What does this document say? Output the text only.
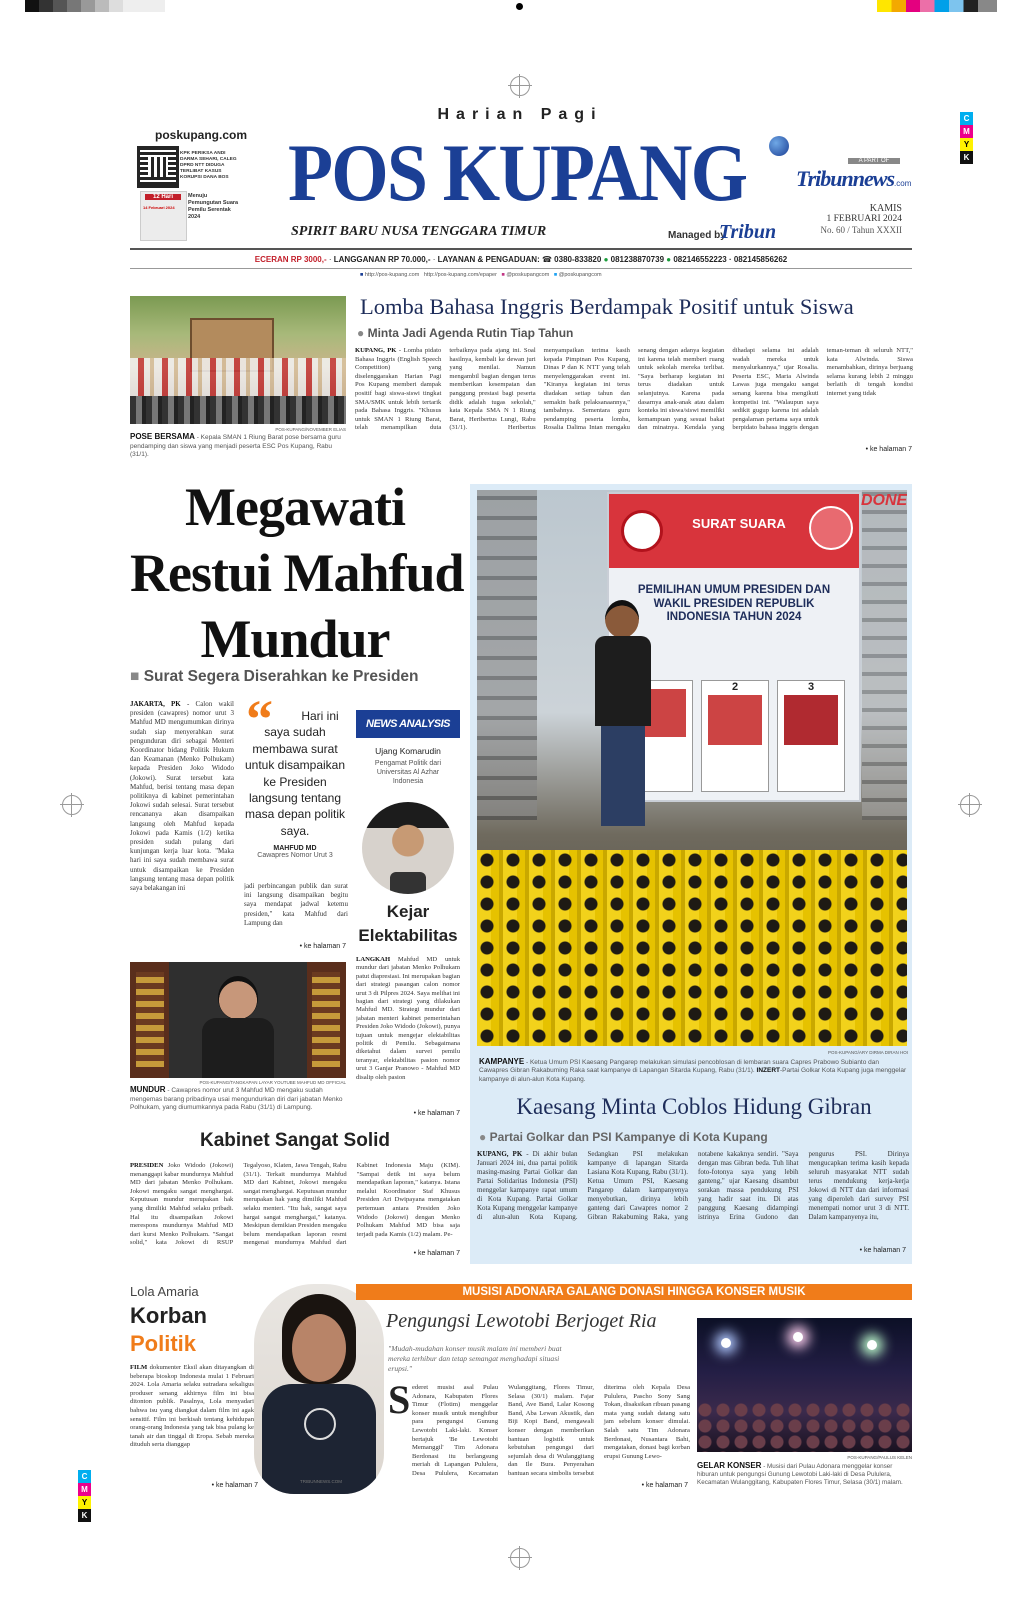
C
M
Y
K
C
M
Y
K
poskupang.com
KPK PERIKSA ANDI DARMA SEHARI, CALEG DPRD NTT DIDUGA TERLIBAT KASUS KORUPSI DANA BOS
14 Februari 2024
12 Hari	Menuju Pemungutan Suara Pemilu Serentak 2024
Harian Pagi
POS KUPANG
SPIRIT BARU NUSA TENGGARA TIMUR	Managed by
Tribun
A PART OF
Tribunnews.com
KAMIS
1 FEBRUARI 2024
No. 60 / Tahun XXXII
ECERAN RP 3000,- · LANGGANAN RP 70.000,- · LAYANAN & PENGADUAN: ☎ 0380-833820 ● 081238870739 ● 082146552223 · 082145856262
■ http://pos-kupang.com http://pos-kupang.com/epaper ■ @poskupangcom ■ @poskupangcom
POS-KUPANG/NOVEMBER ELIAS
POSE BERSAMA - Kepala SMAN 1 Riung Barat pose bersama guru pendamping dan siswa yang menjadi peserta ESC Pos Kupang, Rabu (31/1).
Lomba Bahasa Inggris Berdampak Positif untuk Siswa
● Minta Jadi Agenda Rutin Tiap Tahun
KUPANG, PK - Lomba pidato Bahasa Inggris (English Speech Competition) yang diselenggarakan Harian Pagi Pos Kupang memberi dampak positif bagi siswa-siswi tingkat SMA/SMK untuk lebih tertarik pada Bahasa Inggris. "Khusus untuk SMAN 1 Riung Barat, telah menampilkan duta terbaiknya pada ajang ini. Soal hasilnya, kembali ke dewan juri yang menilai. Namun mengambil bagian dengan terus memberikan kesempatan dan panggung prestasi bagi peserta didik adalah tugas sekolah," kata Kepala SMA N 1 Riung Barat, Heribertus Lungi, Rabu (31/1). Heribertus menyampaikan terima kasih kepada Pimpinan Pos Kupang, Dinas P dan K NTT yang telah menyelenggarakan event ini. "Kiranya kegiatan ini terus diadakan setiap tahun dan semakin baik pelaksanaannya," tambahnya. Sementara guru pendamping peserta lomba, Rosalia Dalima Intan mengaku senang dengan adanya kegiatan ini karena telah memberi ruang untuk sekolah mereka terlibat. "Saya berharap kegiatan ini terus diadakan untuk selanjutnya. Karena pada dasarnya anak-anak atau dalam konteks ini siswa/siswi memiliki kemampuan yang sesuai bakat dan minatnya. Kendala yang dihadapi selama ini adalah wadah mereka untuk menyalurkannya," ujar Rosalia. Peserta ESC, Maria Alwinda Lawas juga mengaku sangat senang karena bisa mengikuti kompetisi ini. "Walaupun saya sedikit gugup karena ini adalah pengalaman pertama saya untuk berpidato bahasa inggris dengan teman-teman di seluruh NTT," kata Alwinda. Siswa menambahkan, dirinya berjuang selama kurang lebih 2 minggu berlatih di tengah kondisi internet yang tidak
• ke halaman 7
Megawati
Restui Mahfud
Mundur
■ Surat Segera Diserahkan ke Presiden
JAKARTA, PK - Calon wakil presiden (cawapres) nomor urut 3 Mahfud MD mengumumkan dirinya sudah siap menyerahkan surat pengunduran diri sebagai Menteri Koordinator bidang Politik Hukum dan Keamanan (Menko Polhukam) kepada Presiden Joko Widodo (Jokowi). Surat tersebut kata Mahfud, berisi tentang masa depan politiknya di kabinet pemerintahan Jokowi sudah selesai. Surat tersebut rencananya akan disampaikan langsung oleh Mahfud kepada Jokowi pada Kamis (1/2) ketika presiden sudah pulang dari kunjungan kerja luar kota. "Maka hari ini saya sudah membawa surat untuk disampaikan ke Presiden langsung tentang masa depan politik saya belakangan ini
“	Hari ini saya sudah membawa surat untuk disampaikan ke Presiden langsung tentang masa depan politik saya.
MAHFUD MD
Cawapres Nomor Urut 3
jadi perbincangan publik dan surat ini langsung disampaikan begitu saya mendapat jadwal ketemu presiden," kata Mahfud dari Lampung dan
• ke halaman 7
NEWS ANALYSIS
Ujang Komarudin
Pengamat Politik dari Universitas Al Azhar Indonesia
Kejar
Elektabilitas
LANGKAH Mahfud MD untuk mundur dari jabatan Menko Polhukam patut diapresiasi. Ini merupakan bagian dari strategi pasangan calon nomor urut 3 di Pilpres 2024. Saya melihat ini bagian dari strategi yang dilakukan Mahfud MD. Strategi mundur dari jabatan menteri kabinet pemerintahan Presiden Joko Widodo (Jokowi), punya tujuan untuk mengejar elektabilitas politik di Pemilu. Sebagaimana diketahui dalam survei pemilu teranyar, elektabilitas pasion nomor urut 3 Ganjar Pranowo - Mahfud MD disalip oleh pasion
• ke halaman 7
POS-KUPANG/TANGKAPAN LAYAR YOUTUBE MAHFUD MD OFFICIAL
MUNDUR - Cawapres nomor urut 3 Mahfud MD mengaku sudah mengemas barang pribadinya usai mengundurkan diri dari jabatan Menko Polhukam, yang diumumkannya pada Rabu (31/1) di Lampung.
Kabinet Sangat Solid
PRESIDEN Joko Widodo (Jokowi) menanggapi kabar mundurnya Mahfud MD dari jabatan Menko Polhukam. Jokowi mengaku sangat menghargai. Keputusan mundur merupakan hak yang dimiliki Mahfud selaku pribadi. Hal itu disampaikan Jokowi merespons mundurnya Mahfud MD dari kursi Menko Polhukam. "Sangat solid," kata Jokowi di RSUP Tegalyoso, Klaten, Jawa Tengah, Rabu (31/1). Terkait mundurnya Mahfud MD dari Kabinet, Jokowi mengaku sangat menghargai. Keputusan mundur merupakan hak yang dimiliki Mahfud selaku menteri. "Itu hak, sangat saya hargai sangat menghargai," katanya. Meskipun demikian Presiden mengaku belum mendapatkan laporan resmi mengenai mundurnya Mahfud dari Kabinet Indonesia Maju (KIM). "Sampai detik ini saya belum mendapatkan laporan," katanya. Istana melalui Koordinator Staf Khusus Presiden Ari Dwipayana mengatakan pertemuan antara Presiden Joko Widodo (Jokowi) dengan Menko Polhukam Mahfud MD bisa saja terjadi pada Kamis (1/2) malam. Pe-
• ke halaman 7
SURAT SUARA
PEMILIHAN UMUM PRESIDEN DAN WAKIL PRESIDEN REPUBLIK INDONESIA TAHUN 2024
2	3
DONE
POS-KUPANG/ARY DIRMA DIRAN HOI
KAMPANYE - Ketua Umum PSI Kaesang Pangarep melakukan simulasi pencoblosan di lembaran suara Capres Prabowo Subianto dan Cawapres Gibran Rakabuming Raka saat kampanye di Lapangan Sitarda Kupang, Rabu (31/1). INZERT-Partai Golkar Kota Kupang juga menggelar kampanye di alun-alun Kota Kupang.
Kaesang Minta Coblos Hidung Gibran
● Partai Golkar dan PSI Kampanye di Kota Kupang
KUPANG, PK - Di akhir bulan Januari 2024 ini, dua partai politik masing-masing Partai Golkar dan Partai Solidaritas Indonesia (PSI) menggelar kampanye rapat umum di Kota Kupang. Partai Golkar Kota Kupang menggelar kampanye di alun-alun Kota Kupang. Sedangkan PSI melakukan kampanye di lapangan Sitarda Lasiana Kota Kupang, Rabu (31/1). Ketua Umum PSI, Kaesang Pangarep dalam kampanyenya menyebutkan, dirinya lebih ganteng dari Cawapres nomor 2 Gibran Rakabuming Raka, yang notabene kakaknya sendiri. "Saya dengan mas Gibran beda. Tuh lihat foto-fotonya saya yang lebih ganteng," ujar Kaesang disambut sorakan massa pendukung PSI yang hadir saat itu. Di atas panggung Kaesang didampingi istrinya Erina Gudono dan pengurus PSI. Dirinya mengucapkan terima kasih kepada seluruh masyarakat NTT sudah terus mendukung kerja-kerja Jokowi di NTT dan dari informasi yang diperoleh dari survey PSI menempati nomor urut 3 di NTT. Dalam kampanyenya itu,
• ke halaman 7
Lola Amaria
Korban
Politik
FILM dokumenter Eksil akan ditayangkan di beberapa bioskop Indonesia mulai 1 Februari 2024. Lola Amaria selaku sutradara sekaligus produser senang akhirnya film ini bisa ditonton publik. Pasalnya, Lola menyadari bahwa isu yang diangkat dalam film ini agak sensitif. Film ini berkisah tentang kehidupan orang-orang Indonesia yang tak bisa pulang ke tanah air dan tinggal di Eropa. Sebab mereka dituduh serta dianggap
• ke halaman 7
TRIBUNNEWS.COM
MUSISI ADONARA GALANG DONASI HINGGA KONSER MUSIK
Pengungsi Lewotobi Berjoget Ria
"Mudah-mudahan konser musik malam ini memberi buat mereka terhibur dan tetap semangat menghadapi situasi erupsi."
S ederet musisi asal Pulau Adonara, Kabupaten Flores Timur (Flotim) menggelar konser musik untuk menghibur para pengungsi Gunung Lewotobi Laki-laki. Konser bertajuk 'Be Lewotobi Memanggil' Tim Adonara Berdonasi itu berlangsung meriah di Lapangan Pululera, Desa Pululera, Kecamatan Wulanggitang, Flores Timur, Selasa (30/1) malam. Fajar Band, Ave Band, Lalar Kosong Band, Aba Lewan Akustik, dan Biji Kopi Band, mengawali konser dengan memberikan bantuan logistik untuk kebutuhan pengungsi dari sejumlah desa di Wulanggitang dan Ile Bura. Penyerahan bantuan secara simbolis tersebut diterima oleh Kepala Desa Pululera, Pascho Sony Sang Tokan, disaksikan ribuan pasang mata yang sudah datang satu jam sebelum konser dimulai. Salah satu Tim Adonara Berdonasi, Nusantara Bahi, mengatakan, donasi bagi korban erupsi Gunung Lewo-
• ke halaman 7
POS-KUPANG/PAULUS KELEN
GELAR KONSER - Musisi dari Pulau Adonara menggelar konser hiburan untuk pengungsi Gunung Lewotobi Laki-laki di Desa Pululera, Kecamatan Wulanggitang, Kabupaten Flores Timur, Selasa (30/1) malam.
